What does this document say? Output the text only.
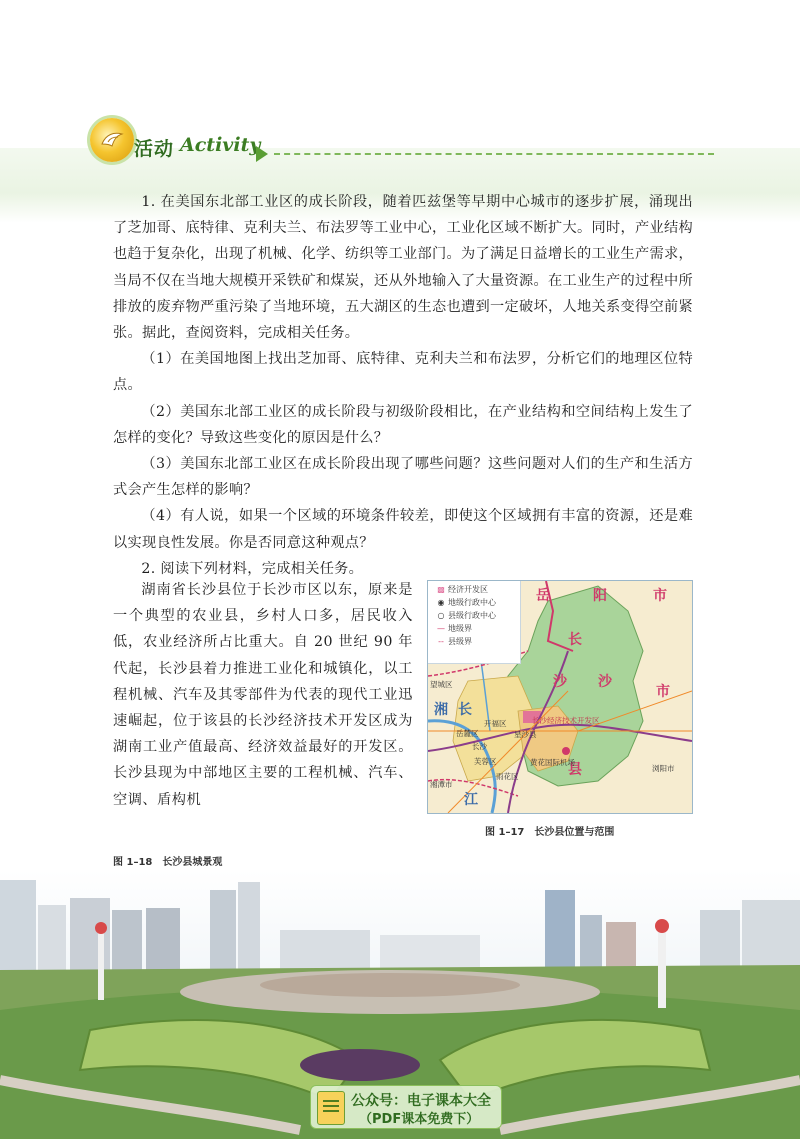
活动 Activity

1. 在美国东北部工业区的成长阶段，随着匹兹堡等早期中心城市的逐步扩展，涌现出了芝加哥、底特律、克利夫兰、布法罗等工业中心，工业化区域不断扩大。同时，产业结构也趋于复杂化，出现了机械、化学、纺织等工业部门。为了满足日益增长的工业生产需求，当局不仅在当地大规模开采铁矿和煤炭，还从外地输入了大量资源。在工业生产的过程中所排放的废弃物严重污染了当地环境，五大湖区的生态也遭到一定破坏，人地关系变得空前紧张。据此，查阅资料，完成相关任务。

（1）在美国地图上找出芝加哥、底特律、克利夫兰和布法罗，分析它们的地理区位特点。

（2）美国东北部工业区的成长阶段与初级阶段相比，在产业结构和空间结构上发生了怎样的变化？导致这些变化的原因是什么？

（3）美国东北部工业区在成长阶段出现了哪些问题？这些问题对人们的生产和生活方式会产生怎样的影响？

（4）有人说，如果一个区域的环境条件较差，即使这个区域拥有丰富的资源，还是难以实现良性发展。你是否同意这种观点？

2. 阅读下列材料，完成相关任务。

湖南省长沙县位于长沙市区以东，原来是一个典型的农业县，乡村人口多，居民收入低，农业经济所占比重大。自 20 世纪 90 年代起，长沙县着力推进工业化和城镇化，以工程机械、汽车及其零部件为代表的现代工业迅速崛起，位于该县的长沙经济技术开发区成为湖南工业产值最高、经济效益最好的开发区。长沙县现为中部地区主要的工程机械、汽车、空调、盾构机

▩ 经济开发区
◉ 地级行政中心
○ 县级行政中心
— 地级界
-- 县级界
岳	阳	市
长
沙 沙
市
县
望城区
湘 长
江
长沙经济技术开发区
开福区
岳麓区
长沙
星沙县
芙蓉区
雨花区
黄花国际机场
浏阳市
湘潭市
图 1–17　长沙县位置与范围
图 1–18　长沙县城景观
公众号：电子课本大全
（PDF课本免费下）
